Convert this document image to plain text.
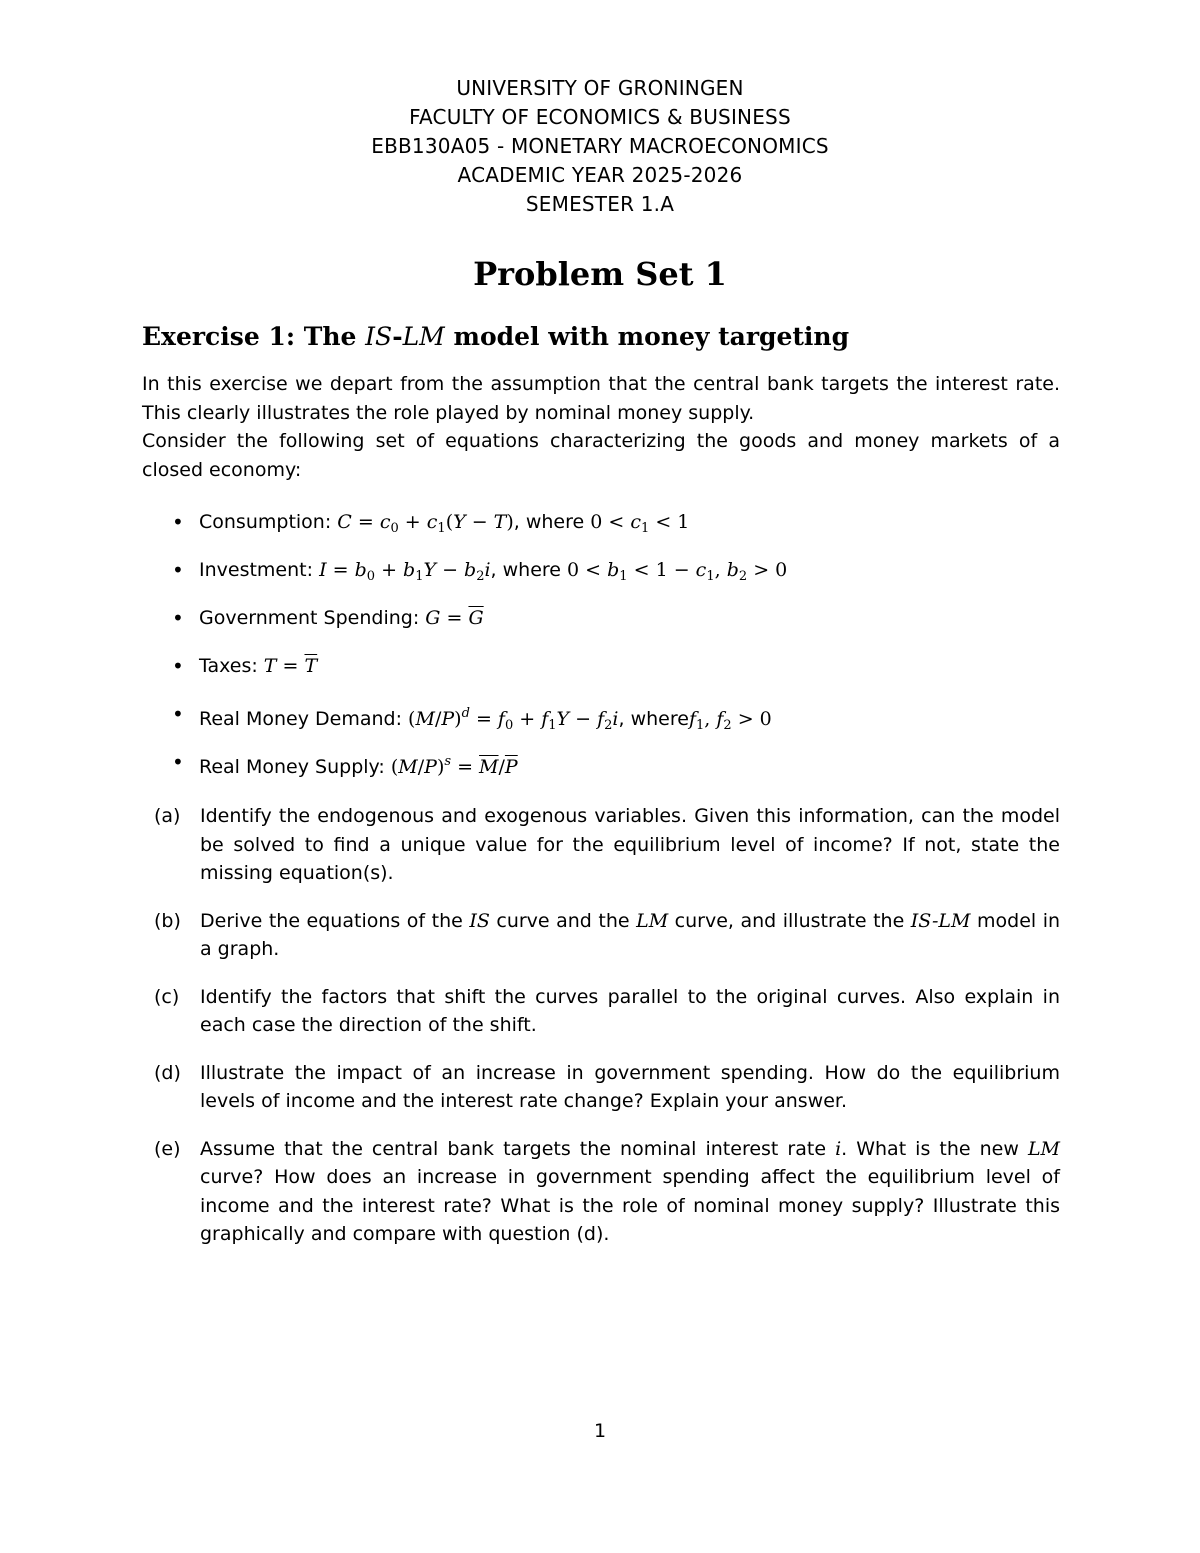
UNIVERSITY OF GRONINGEN
FACULTY OF ECONOMICS & BUSINESS
EBB130A05 - MONETARY MACROECONOMICS
ACADEMIC YEAR 2025-2026
SEMESTER 1.A
Problem Set 1
Exercise 1: The IS-LM model with money targeting

In this exercise we depart from the assumption that the central bank targets the interest rate. This clearly illustrates the role played by nominal money supply.

Consider the following set of equations characterizing the goods and money markets of a closed economy:

• Consumption: $C = c_0 + c_1(Y - T)$, where $0 < c_1 < 1$
• Investment: $I = b_0 + b_1Y - b_2i$, where $0 < b_1 < 1 - c_1$, $b_2 > 0$
• Government Spending: $G = \overline{G}$
• Taxes: $T = \overline{T}$
• Real Money Demand: $(M/P)^d = f_0 + f_1Y - f_2i$, wheref$_1$, $f_2 > 0$
• Real Money Supply: $(M/P)^s = \overline{M}/\overline{P}$
(a) Identify the endogenous and exogenous variables. Given this information, can the model be solved to find a unique value for the equilibrium level of income? If not, state the missing equation(s).
(b) Derive the equations of the IS curve and the LM curve, and illustrate the IS-LM model in a graph.
(c) Identify the factors that shift the curves parallel to the original curves. Also explain in each case the direction of the shift.
(d) Illustrate the impact of an increase in government spending. How do the equilibrium levels of income and the interest rate change? Explain your answer.
(e) Assume that the central bank targets the nominal interest rate i. What is the new LM curve? How does an increase in government spending affect the equilibrium level of income and the interest rate? What is the role of nominal money supply? Illustrate this graphically and compare with question (d).
1
